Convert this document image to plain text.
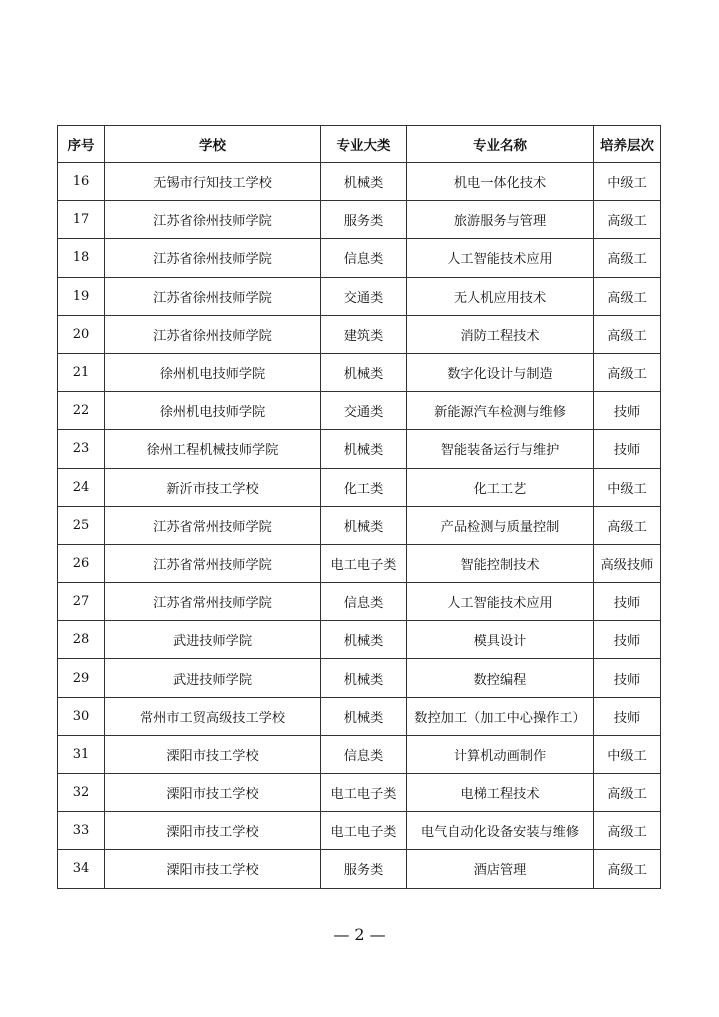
序号	学校	专业大类	专业名称	培养层次
16	无锡市行知技工学校	机械类	机电一体化技术	中级工
17	江苏省徐州技师学院	服务类	旅游服务与管理	高级工
18	江苏省徐州技师学院	信息类	人工智能技术应用	高级工
19	江苏省徐州技师学院	交通类	无人机应用技术	高级工
20	江苏省徐州技师学院	建筑类	消防工程技术	高级工
21	徐州机电技师学院	机械类	数字化设计与制造	高级工
22	徐州机电技师学院	交通类	新能源汽车检测与维修	技师
23	徐州工程机械技师学院	机械类	智能装备运行与维护	技师
24	新沂市技工学校	化工类	化工工艺	中级工
25	江苏省常州技师学院	机械类	产品检测与质量控制	高级工
26	江苏省常州技师学院	电工电子类	智能控制技术	高级技师
27	江苏省常州技师学院	信息类	人工智能技术应用	技师
28	武进技师学院	机械类	模具设计	技师
29	武进技师学院	机械类	数控编程	技师
30	常州市工贸高级技工学校	机械类	数控加工（加工中心操作工）	技师
31	溧阳市技工学校	信息类	计算机动画制作	中级工
32	溧阳市技工学校	电工电子类	电梯工程技术	高级工
33	溧阳市技工学校	电工电子类	电气自动化设备安装与维修	高级工
34	溧阳市技工学校	服务类	酒店管理	高级工
— 2 —
